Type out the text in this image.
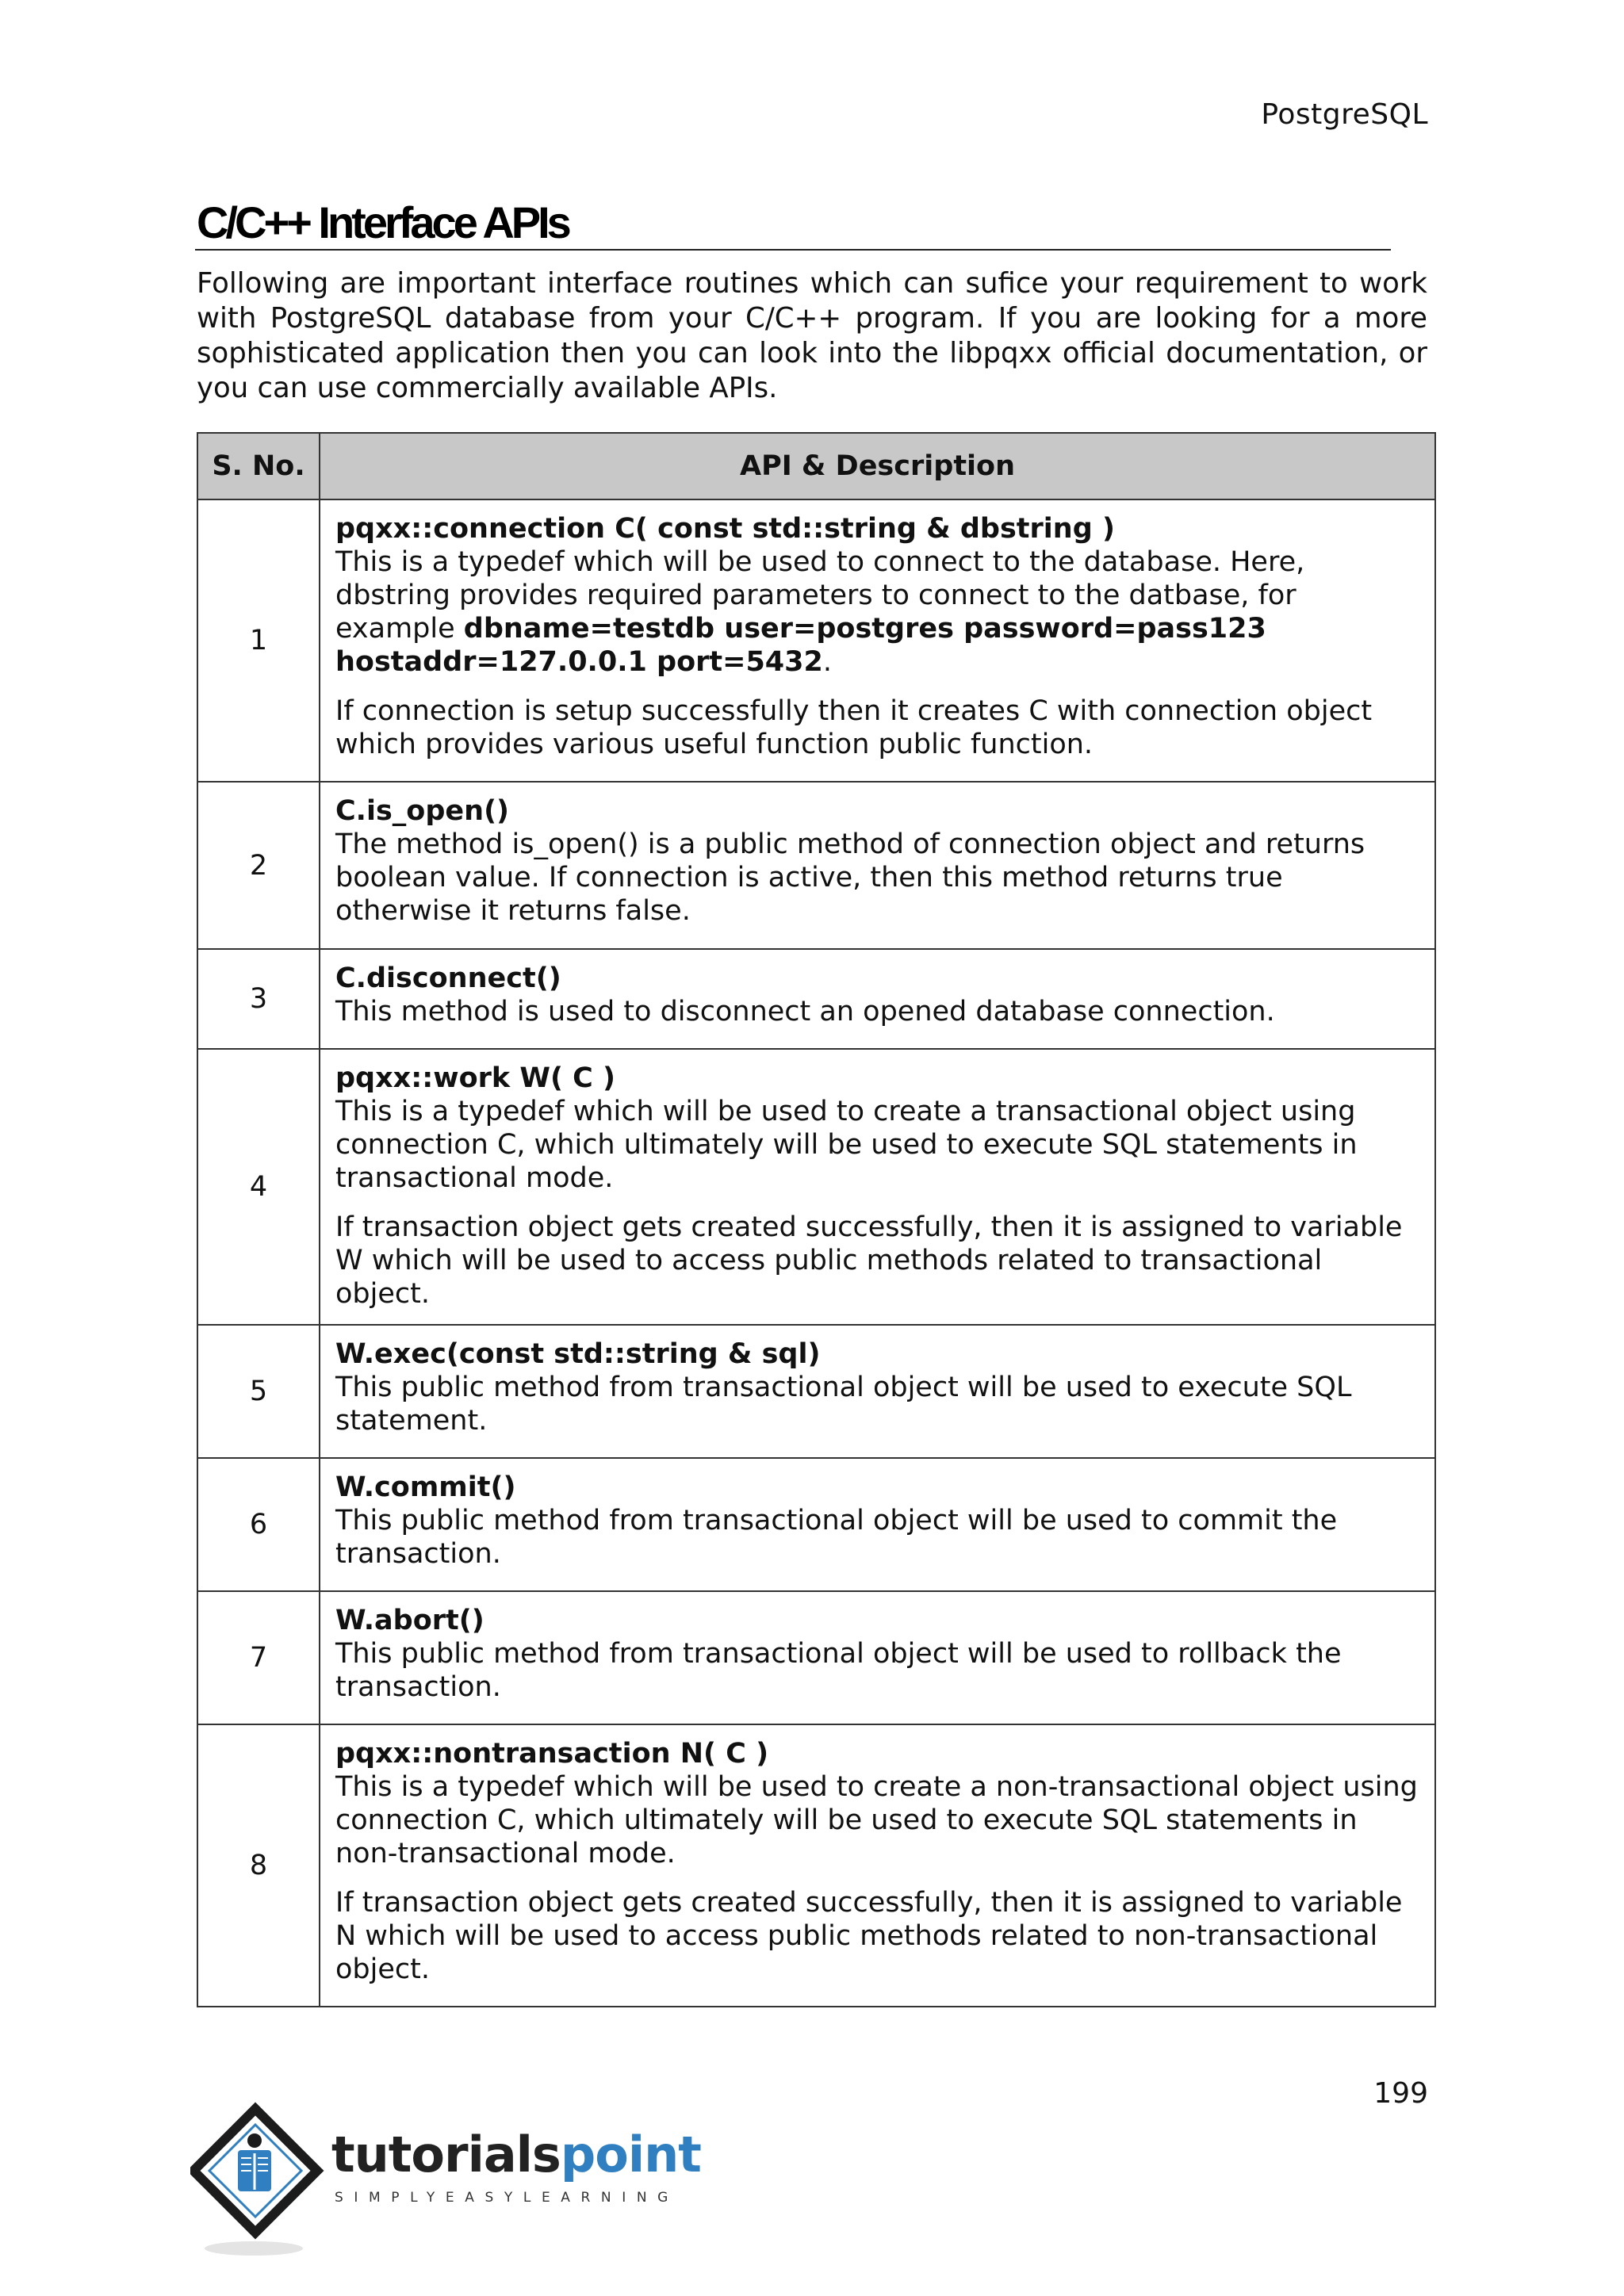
PostgreSQL
C/C++ Interface APIs

Following are important interface routines which can sufice your requirement to work with PostgreSQL database from your C/C++ program. If you are looking for a more sophisticated application then you can look into the libpqxx official documentation, or you can use commercially available APIs.

S. No.	API & Description
1	pqxx::connection C( const std::string & dbstring )

This is a typedef which will be used to connect to the database. Here, dbstring provides required parameters to connect to the datbase, for example dbname=testdb user=postgres password=pass123 hostaddr=127.0.0.1 port=5432.

If connection is setup successfully then it creates C with connection object which provides various useful function public function.

2	C.is_open()

The method is_open() is a public method of connection object and returns boolean value. If connection is active, then this method returns true otherwise it returns false.

3	C.disconnect()

This method is used to disconnect an opened database connection.

4	pqxx::work W( C )

This is a typedef which will be used to create a transactional object using connection C, which ultimately will be used to execute SQL statements in transactional mode.

If transaction object gets created successfully, then it is assigned to variable W which will be used to access public methods related to transactional object.

5	W.exec(const std::string & sql)

This public method from transactional object will be used to execute SQL statement.

6	W.commit()

This public method from transactional object will be used to commit the transaction.

7	W.abort()

This public method from transactional object will be used to rollback the transaction.

8	pqxx::nontransaction N( C )

This is a typedef which will be used to create a non-transactional object using connection C, which ultimately will be used to execute SQL statements in non-transactional mode.

If transaction object gets created successfully, then it is assigned to variable N which will be used to access public methods related to non-transactional object.

199
tutorialspoint
SIMPLYEASYLEARNING
